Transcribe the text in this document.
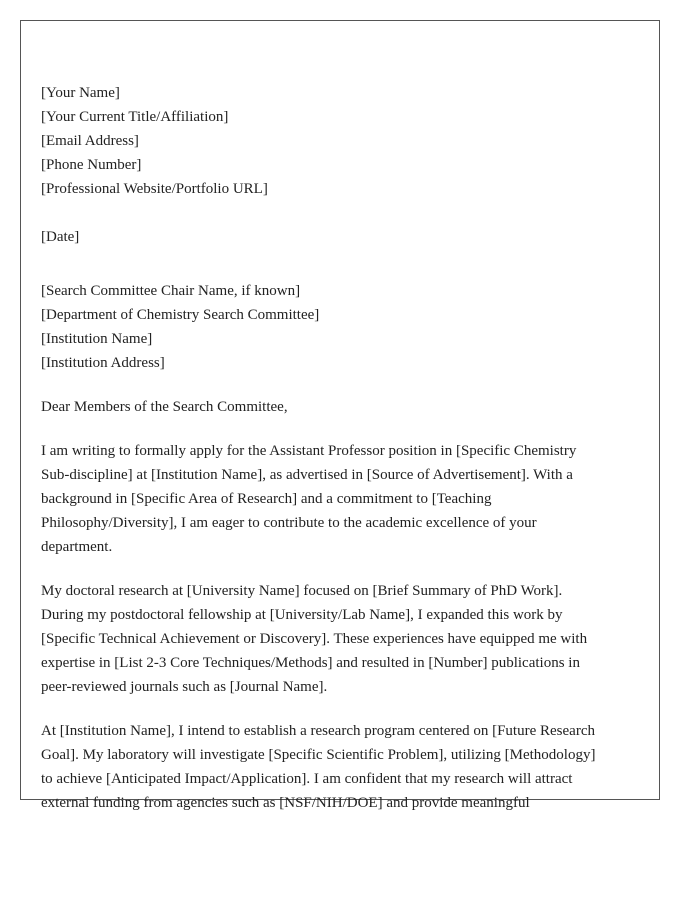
[Your Name]
[Your Current Title/Affiliation]
[Email Address]
[Phone Number]
[Professional Website/Portfolio URL]
[Date]
[Search Committee Chair Name, if known]
[Department of Chemistry Search Committee]
[Institution Name]
[Institution Address]
Dear Members of the Search Committee,
I am writing to formally apply for the Assistant Professor position in [Specific Chemistry
Sub-discipline] at [Institution Name], as advertised in [Source of Advertisement]. With a
background in [Specific Area of Research] and a commitment to [Teaching
Philosophy/Diversity], I am eager to contribute to the academic excellence of your
department.
My doctoral research at [University Name] focused on [Brief Summary of PhD Work].
During my postdoctoral fellowship at [University/Lab Name], I expanded this work by
[Specific Technical Achievement or Discovery]. These experiences have equipped me with
expertise in [List 2-3 Core Techniques/Methods] and resulted in [Number] publications in
peer-reviewed journals such as [Journal Name].
At [Institution Name], I intend to establish a research program centered on [Future Research
Goal]. My laboratory will investigate [Specific Scientific Problem], utilizing [Methodology]
to achieve [Anticipated Impact/Application]. I am confident that my research will attract
external funding from agencies such as [NSF/NIH/DOE] and provide meaningful
